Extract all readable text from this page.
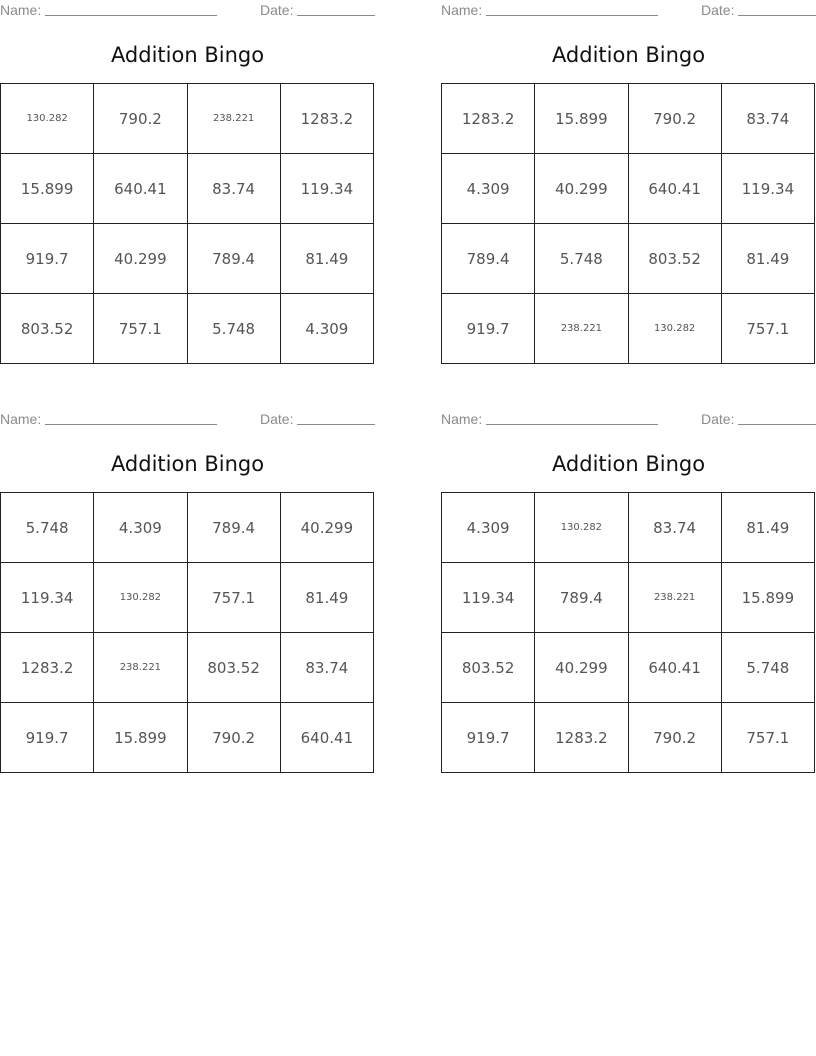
Name:	Date:
Addition Bingo
130.282	790.2	238.221	1283.2
15.899	640.41	83.74	119.34
919.7	40.299	789.4	81.49
803.52	757.1	5.748	4.309
Name:	Date:
Addition Bingo
1283.2	15.899	790.2	83.74
4.309	40.299	640.41	119.34
789.4	5.748	803.52	81.49
919.7	238.221	130.282	757.1
Name:	Date:
Addition Bingo
5.748	4.309	789.4	40.299
119.34	130.282	757.1	81.49
1283.2	238.221	803.52	83.74
919.7	15.899	790.2	640.41
Name:	Date:
Addition Bingo
4.309	130.282	83.74	81.49
119.34	789.4	238.221	15.899
803.52	40.299	640.41	5.748
919.7	1283.2	790.2	757.1
